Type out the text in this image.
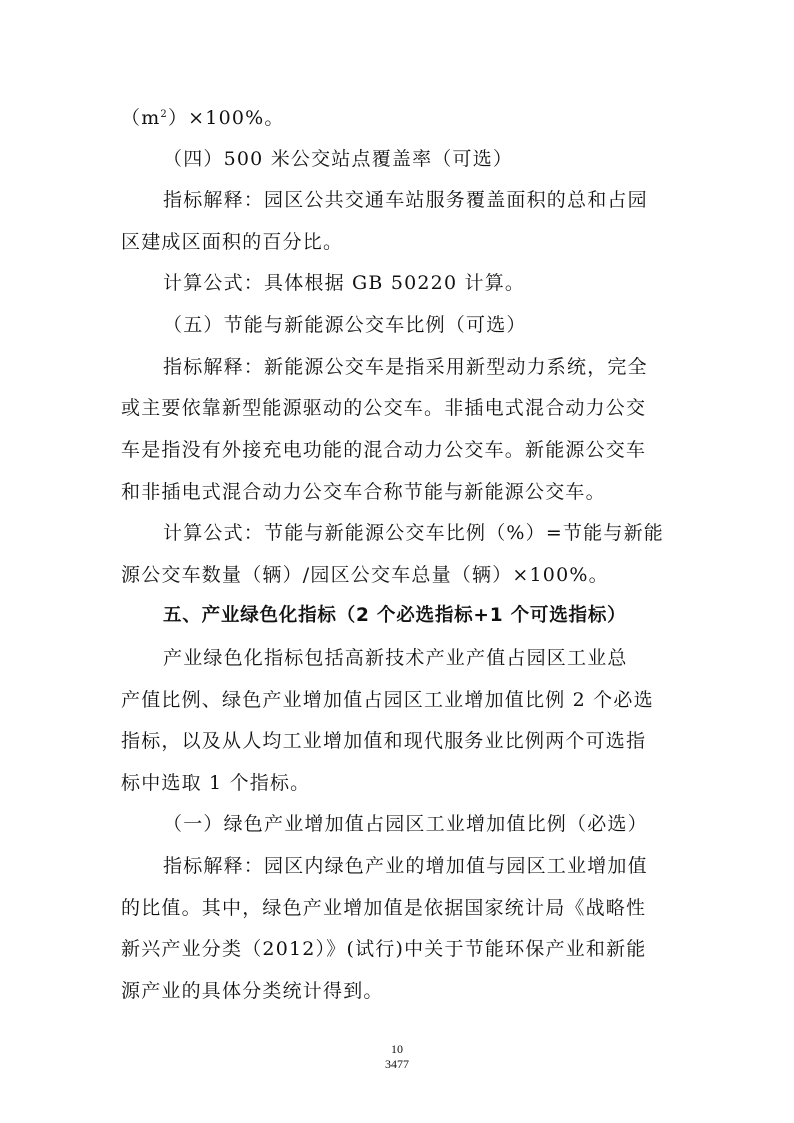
$(m^2)\times 100\%$。
（四）500 米公交站点覆盖率（可选）
指标解释：园区公共交通车站服务覆盖面积的总和占园
区建成区面积的百分比。
计算公式：具体根据 GB 50220 计算。
（五）节能与新能源公交车比例（可选）
指标解释：新能源公交车是指采用新型动力系统，完全
或主要依靠新型能源驱动的公交车。非插电式混合动力公交
车是指没有外接充电功能的混合动力公交车。新能源公交车
和非插电式混合动力公交车合称节能与新能源公交车。
计算公式：节能与新能源公交车比例（%）=节能与新能
源公交车数量（辆）/园区公交车总量（辆）×100%。
五、产业绿色化指标（2 个必选指标+1 个可选指标）
产业绿色化指标包括高新技术产业产值占园区工业总
产值比例、绿色产业增加值占园区工业增加值比例 2 个必选
指标，以及从人均工业增加值和现代服务业比例两个可选指
标中选取 1 个指标。
（一）绿色产业增加值占园区工业增加值比例（必选）
指标解释：园区内绿色产业的增加值与园区工业增加值
的比值。其中，绿色产业增加值是依据国家统计局《战略性
新兴产业分类（2012）》(试行)中关于节能环保产业和新能
源产业的具体分类统计得到。
10
3477
